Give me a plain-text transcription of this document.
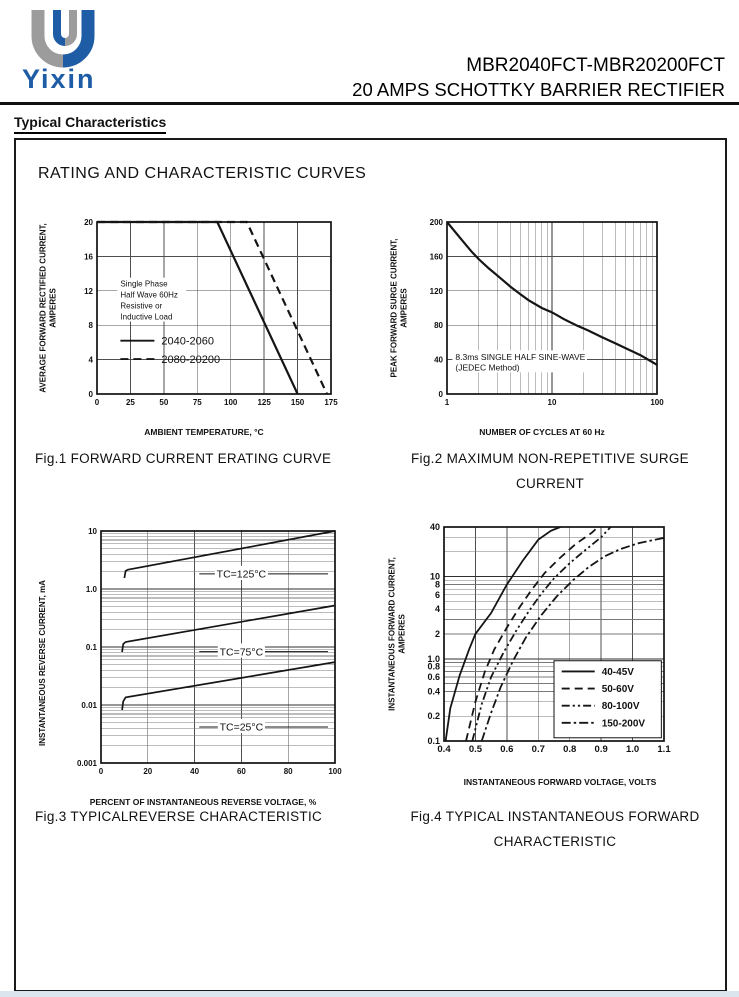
Yixin	MBR2040FCT-MBR20200FCT
20 AMPS SCHOTTKY BARRIER RECTIFIER
Typical Characteristics
RATING AND CHARACTERISTIC CURVES
AVERAGE FORWARD RECTIFIED CURRENT, AMPERES
Single Phase
Half Wave 60Hz
Resistive or
Inductive Load
2040-2060
2080-20200
0	25	50	75	100	125	150	175
0
4
8
12
16
20
AMBIENT TEMPERATURE, °C
Fig.1 FORWARD CURRENT ERATING CURVE
PEAK FORWARD SURGE CURRENT, AMPERES
8.3ms SINGLE HALF SINE-WAVE
(JEDEC Method)
1	10	100
0
40
80
120
160
200
NUMBER OF CYCLES AT 60 Hz
Fig.2 MAXIMUM NON-REPETITIVE SURGE
CURRENT
INSTANTANEOUS REVERSE CURRENT, mA
TC=125°C
TC=75°C
TC=25°C
0	20	40	60	80	100
10
1.0
0.1
0.01
0.001
PERCENT OF INSTANTANEOUS REVERSE VOLTAGE, %
Fig.3 TYPICALREVERSE CHARACTERISTIC
INSTANTANEOUS FORWARD CURRENT, AMPERES
40-45V
50-60V
80-100V
150-200V
0.4 0.5 0.6 0.7 0.8 0.9 1.0 1.1
40
10
8
6
4
2
1.0
0.8
0.6
0.4
0.2
0.1
INSTANTANEOUS FORWARD VOLTAGE, VOLTS
Fig.4 TYPICAL INSTANTANEOUS FORWARD
CHARACTERISTIC
